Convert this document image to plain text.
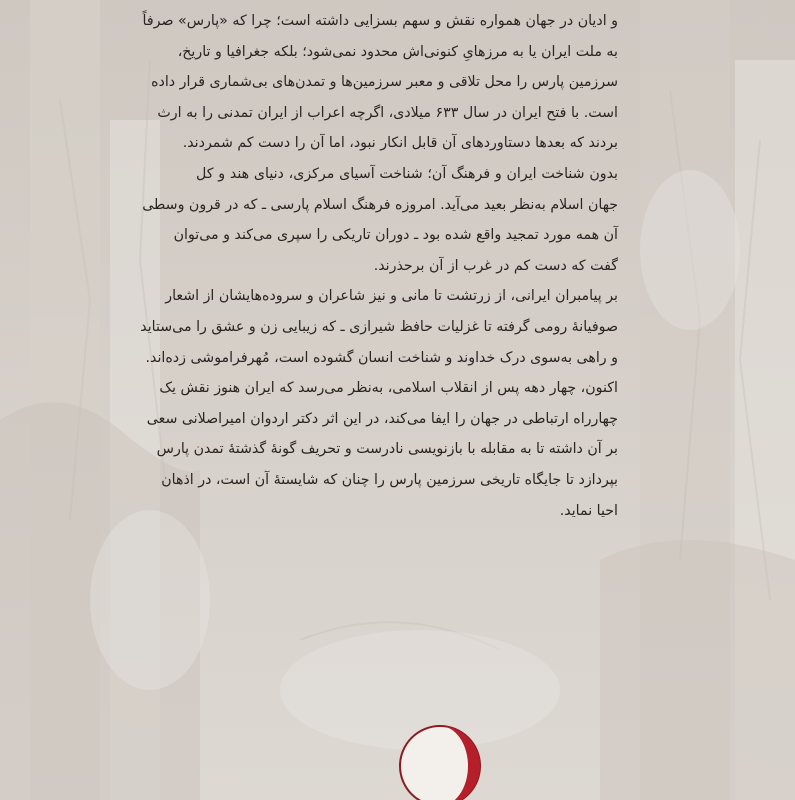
و ادیان در جهان همواره نقش و سهم بسزایی داشته است؛ چرا که «پارس» صرفاً
به ملت ایران یا به مرزهایِ کنونی‌اش محدود نمی‌شود؛ بلکه جغرافیا و تاریخ،
سرزمین پارس را محل تلاقی و معبر سرزمین‌ها و تمدن‌های بی‌شماری قرار داده
است. با فتح ایران در سال ۶۳۳ میلادی، اگرچه اعراب از ایران تمدنی را به ارث
بردند که بعدها دستاوردهای آن قابل انکار نبود، اما آن را دست کم شمردند.
بدون شناخت ایران و فرهنگ آن؛ شناخت آسیای مرکزی، دنیای هند و کل
جهان اسلام به‌نظر بعید می‌آید. امروزه فرهنگ اسلام پارسی ـ که در قرون وسطی
آن همه مورد تمجید واقع شده بود ـ دوران تاریکی را سپری می‌کند و می‌توان
گفت که دست کم در غرب از آن برحذرند.
بر پیامبران ایرانی، از زرتشت تا مانی و نیز شاعران و سروده‌هایشان از اشعار
صوفیانهٔ رومی گرفته تا غزلیات حافظ شیرازی ـ که زیبایی زن و عشق را می‌ستاید
و راهی به‌سوی درک خداوند و شناخت انسان گشوده است، مُهرفراموشی زده‌اند.
اکنون، چهار دهه پس از انقلاب اسلامی، به‌نظر می‌رسد که ایران هنوز نقش یک
چهارراه ارتباطی در جهان را ایفا می‌کند، در این اثر دکتر اردوان امیراصلانی سعی
بر آن داشته تا به مقابله با بازنویسی نادرست و تحریف گونهٔ گذشتهٔ تمدن پارس
بپردازد تا جایگاه تاریخی سرزمین پارس را چنان که شایستهٔ آن است، در اذهان
احیا نماید.
